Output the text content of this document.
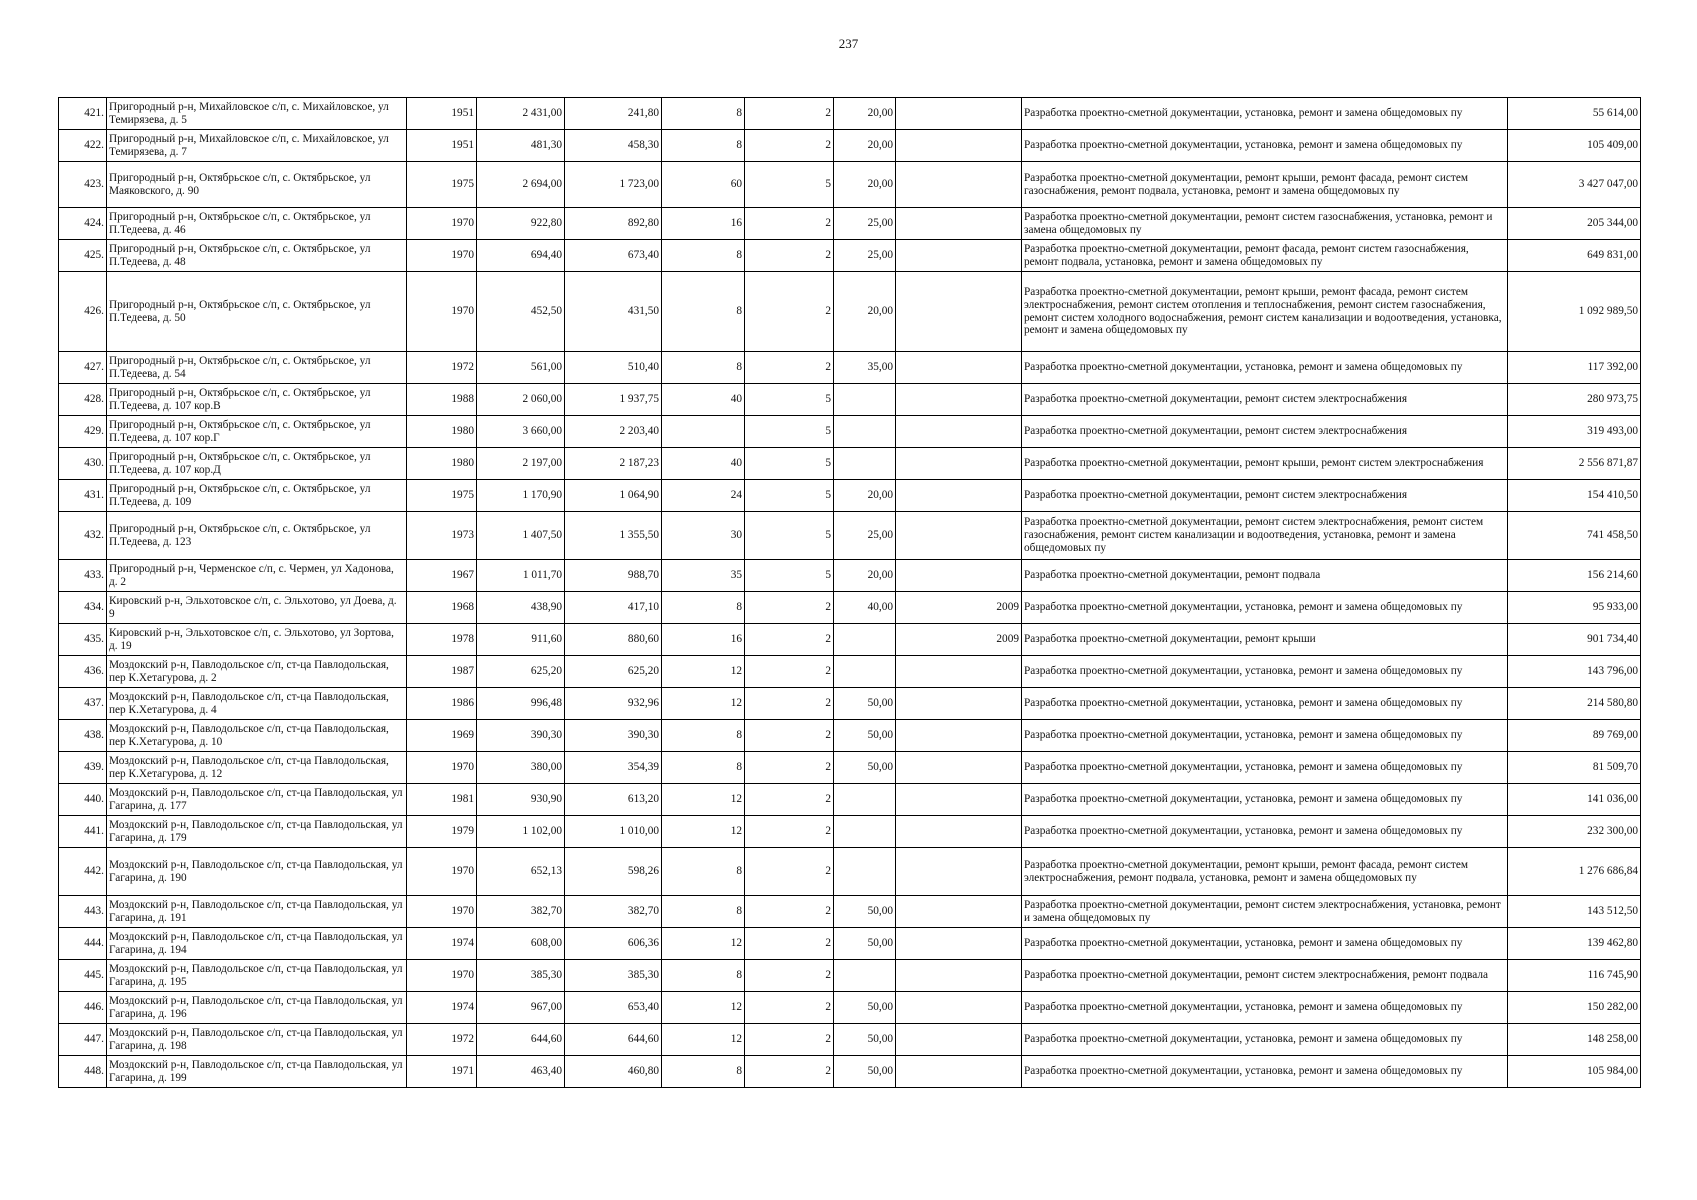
237
421.	Пригородный р-н, Михайловское с/п, с. Михайловское, ул Темирязева, д. 5	1951	2 431,00	241,80	8	2	20,00		Разработка проектно-сметной документации, установка, ремонт и замена общедомовых пу	55 614,00
422.	Пригородный р-н, Михайловское с/п, с. Михайловское, ул Темирязева, д. 7	1951	481,30	458,30	8	2	20,00		Разработка проектно-сметной документации, установка, ремонт и замена общедомовых пу	105 409,00
423.	Пригородный р-н, Октябрьское с/п, с. Октябрьское, ул Маяковского, д. 90	1975	2 694,00	1 723,00	60	5	20,00		Разработка проектно-сметной документации, ремонт крыши, ремонт фасада, ремонт систем газоснабжения, ремонт подвала, установка, ремонт и замена общедомовых пу	3 427 047,00
424.	Пригородный р-н, Октябрьское с/п, с. Октябрьское, ул П.Тедеева, д. 46	1970	922,80	892,80	16	2	25,00		Разработка проектно-сметной документации, ремонт систем газоснабжения, установка, ремонт и замена общедомовых пу	205 344,00
425.	Пригородный р-н, Октябрьское с/п, с. Октябрьское, ул П.Тедеева, д. 48	1970	694,40	673,40	8	2	25,00		Разработка проектно-сметной документации, ремонт фасада, ремонт систем газоснабжения, ремонт подвала, установка, ремонт и замена общедомовых пу	649 831,00
426.	Пригородный р-н, Октябрьское с/п, с. Октябрьское, ул П.Тедеева, д. 50	1970	452,50	431,50	8	2	20,00		Разработка проектно-сметной документации, ремонт крыши, ремонт фасада, ремонт систем электроснабжения, ремонт систем отопления и теплоснабжения, ремонт систем газоснабжения, ремонт систем холодного водоснабжения, ремонт систем канализации и водоотведения, установка, ремонт и замена общедомовых пу	1 092 989,50
427.	Пригородный р-н, Октябрьское с/п, с. Октябрьское, ул П.Тедеева, д. 54	1972	561,00	510,40	8	2	35,00		Разработка проектно-сметной документации, установка, ремонт и замена общедомовых пу	117 392,00
428.	Пригородный р-н, Октябрьское с/п, с. Октябрьское, ул П.Тедеева, д. 107 кор.В	1988	2 060,00	1 937,75	40	5			Разработка проектно-сметной документации, ремонт систем электроснабжения	280 973,75
429.	Пригородный р-н, Октябрьское с/п, с. Октябрьское, ул П.Тедеева, д. 107 кор.Г	1980	3 660,00	2 203,40		5			Разработка проектно-сметной документации, ремонт систем электроснабжения	319 493,00
430.	Пригородный р-н, Октябрьское с/п, с. Октябрьское, ул П.Тедеева, д. 107 кор.Д	1980	2 197,00	2 187,23	40	5			Разработка проектно-сметной документации, ремонт крыши, ремонт систем электроснабжения	2 556 871,87
431.	Пригородный р-н, Октябрьское с/п, с. Октябрьское, ул П.Тедеева, д. 109	1975	1 170,90	1 064,90	24	5	20,00		Разработка проектно-сметной документации, ремонт систем электроснабжения	154 410,50
432.	Пригородный р-н, Октябрьское с/п, с. Октябрьское, ул П.Тедеева, д. 123	1973	1 407,50	1 355,50	30	5	25,00		Разработка проектно-сметной документации, ремонт систем электроснабжения, ремонт систем газоснабжения, ремонт систем канализации и водоотведения, установка, ремонт и замена общедомовых пу	741 458,50
433.	Пригородный р-н, Черменское с/п, с. Чермен, ул Хадонова, д. 2	1967	1 011,70	988,70	35	5	20,00		Разработка проектно-сметной документации, ремонт подвала	156 214,60
434.	Кировский р-н, Эльхотовское с/п, с. Эльхотово, ул Доева, д. 9	1968	438,90	417,10	8	2	40,00	2009	Разработка проектно-сметной документации, установка, ремонт и замена общедомовых пу	95 933,00
435.	Кировский р-н, Эльхотовское с/п, с. Эльхотово, ул Зортова, д. 19	1978	911,60	880,60	16	2		2009	Разработка проектно-сметной документации, ремонт крыши	901 734,40
436.	Моздокский р-н, Павлодольское с/п, ст-ца Павлодольская, пер К.Хетагурова, д. 2	1987	625,20	625,20	12	2			Разработка проектно-сметной документации, установка, ремонт и замена общедомовых пу	143 796,00
437.	Моздокский р-н, Павлодольское с/п, ст-ца Павлодольская, пер К.Хетагурова, д. 4	1986	996,48	932,96	12	2	50,00		Разработка проектно-сметной документации, установка, ремонт и замена общедомовых пу	214 580,80
438.	Моздокский р-н, Павлодольское с/п, ст-ца Павлодольская, пер К.Хетагурова, д. 10	1969	390,30	390,30	8	2	50,00		Разработка проектно-сметной документации, установка, ремонт и замена общедомовых пу	89 769,00
439.	Моздокский р-н, Павлодольское с/п, ст-ца Павлодольская, пер К.Хетагурова, д. 12	1970	380,00	354,39	8	2	50,00		Разработка проектно-сметной документации, установка, ремонт и замена общедомовых пу	81 509,70
440.	Моздокский р-н, Павлодольское с/п, ст-ца Павлодольская, ул Гагарина, д. 177	1981	930,90	613,20	12	2			Разработка проектно-сметной документации, установка, ремонт и замена общедомовых пу	141 036,00
441.	Моздокский р-н, Павлодольское с/п, ст-ца Павлодольская, ул Гагарина, д. 179	1979	1 102,00	1 010,00	12	2			Разработка проектно-сметной документации, установка, ремонт и замена общедомовых пу	232 300,00
442.	Моздокский р-н, Павлодольское с/п, ст-ца Павлодольская, ул Гагарина, д. 190	1970	652,13	598,26	8	2			Разработка проектно-сметной документации, ремонт крыши, ремонт фасада, ремонт систем электроснабжения, ремонт подвала, установка, ремонт и замена общедомовых пу	1 276 686,84
443.	Моздокский р-н, Павлодольское с/п, ст-ца Павлодольская, ул Гагарина, д. 191	1970	382,70	382,70	8	2	50,00		Разработка проектно-сметной документации, ремонт систем электроснабжения, установка, ремонт и замена общедомовых пу	143 512,50
444.	Моздокский р-н, Павлодольское с/п, ст-ца Павлодольская, ул Гагарина, д. 194	1974	608,00	606,36	12	2	50,00		Разработка проектно-сметной документации, установка, ремонт и замена общедомовых пу	139 462,80
445.	Моздокский р-н, Павлодольское с/п, ст-ца Павлодольская, ул Гагарина, д. 195	1970	385,30	385,30	8	2			Разработка проектно-сметной документации, ремонт систем электроснабжения, ремонт подвала	116 745,90
446.	Моздокский р-н, Павлодольское с/п, ст-ца Павлодольская, ул Гагарина, д. 196	1974	967,00	653,40	12	2	50,00		Разработка проектно-сметной документации, установка, ремонт и замена общедомовых пу	150 282,00
447.	Моздокский р-н, Павлодольское с/п, ст-ца Павлодольская, ул Гагарина, д. 198	1972	644,60	644,60	12	2	50,00		Разработка проектно-сметной документации, установка, ремонт и замена общедомовых пу	148 258,00
448.	Моздокский р-н, Павлодольское с/п, ст-ца Павлодольская, ул Гагарина, д. 199	1971	463,40	460,80	8	2	50,00		Разработка проектно-сметной документации, установка, ремонт и замена общедомовых пу	105 984,00
